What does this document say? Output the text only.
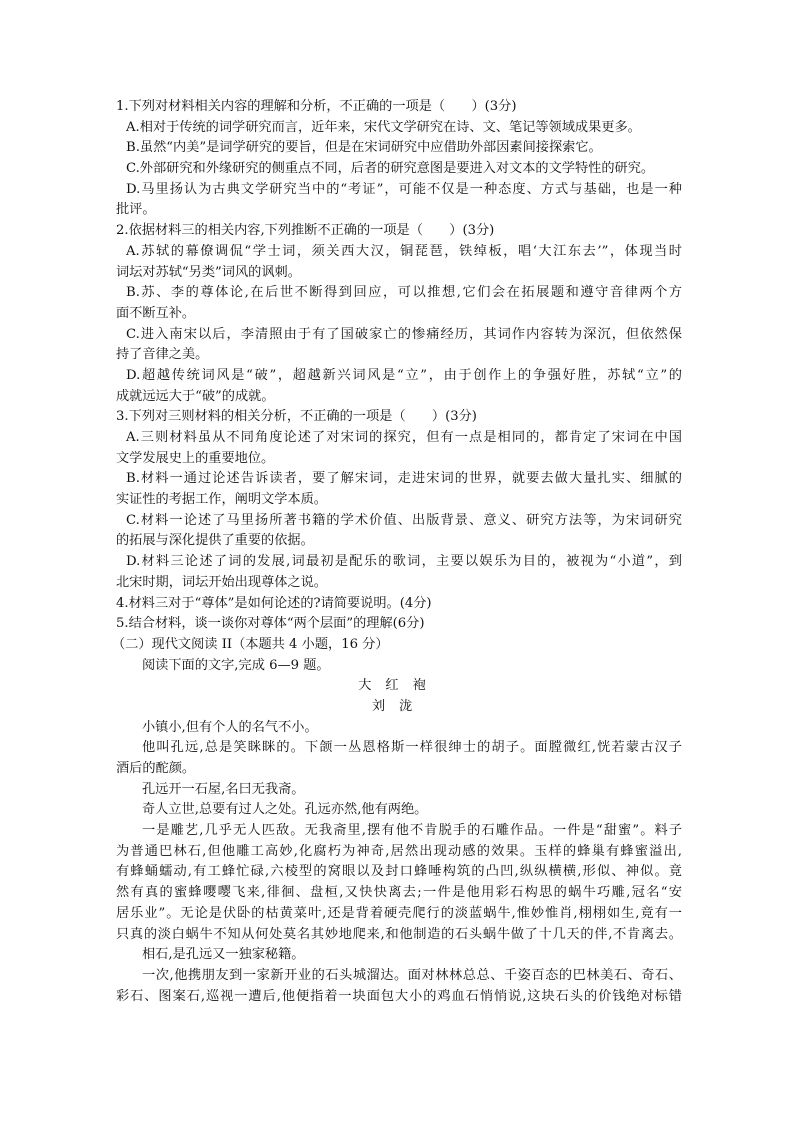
1.下列对材料相关内容的理解和分析，不正确的一项是（　　）(3分)
A.相对于传统的词学研究而言，近年来，宋代文学研究在诗、文、笔记等领域成果更多。
B.虽然“内美”是词学研究的要旨，但是在宋词研究中应借助外部因素间接探索它。
C.外部研究和外缘研究的侧重点不同，后者的研究意图是要进入对文本的文学特性的研究。
D.马里扬认为古典文学研究当中的“考证”，可能不仅是一种态度、方式与基础，也是一种
批评。
2.依据材料三的相关内容,下列推断不正确的一项是（　　）(3分)
A.苏轼的幕僚调侃“学士词，须关西大汉，铜琵琶，铁绰板，唱‘大江东去’”，体现当时
词坛对苏轼“另类”词风的讽刺。
B.苏、李的尊体论,在后世不断得到回应，可以推想,它们会在拓展题和遵守音律两个方
面不断互补。
C.进入南宋以后，李清照由于有了国破家亡的惨痛经历，其词作内容转为深沉，但依然保
持了音律之美。
D.超越传统词风是“破”，超越新兴词风是“立”，由于创作上的争强好胜，苏轼“立”的
成就远远大于“破”的成就。
3.下列对三则材料的相关分析，不正确的一项是（　　）(3分)
A.三则材料虽从不同角度论述了对宋词的探究，但有一点是相同的，都肯定了宋词在中国
文学发展史上的重要地位。
B.材料一通过论述告诉读者，要了解宋词，走进宋词的世界，就要去做大量扎实、细腻的
实证性的考据工作，阐明文学本质。
C.材料一论述了马里扬所著书籍的学术价值、出版背景、意义、研究方法等，为宋词研究
的拓展与深化提供了重要的依据。
D.材料三论述了词的发展,词最初是配乐的歌词，主要以娱乐为目的，被视为“小道”，到
北宋时期，词坛开始出现尊体之说。
4.材料三对于“尊体”是如何论述的?请简要说明。(4分)
5.结合材料，谈一谈你对尊体“两个层面”的理解(6分)
（二）现代文阅读 II（本题共 4 小题，16 分）
阅读下面的文字,完成 6—9 题。
大红袍
刘泷
小镇小,但有个人的名气不小。
他叫孔远,总是笑眯眯的。下颌一丛恩格斯一样很绅士的胡子。面膛微红,恍若蒙古汉子
酒后的酡颜。
孔远开一石屋,名曰无我斋。
奇人立世,总要有过人之处。孔远亦然,他有两绝。
一是雕艺,几乎无人匹敌。无我斋里,摆有他不肯脱手的石雕作品。一件是“甜蜜”。料子
为普通巴林石,但他雕工高妙,化腐朽为神奇,居然出现动感的效果。玉样的蜂巢有蜂蜜溢出,
有蜂蛹蠕动,有工蜂忙碌,六棱型的窝眼以及封口蜂唾构筑的凸凹,纵纵横横,形似、神似。竟
然有真的蜜蜂嘤嘤飞来,徘徊、盘桓,又快快离去;一件是他用彩石构思的蜗牛巧雕,冠名“安
居乐业”。无论是伏卧的枯黄菜叶,还是背着硬壳爬行的淡蓝蜗牛,惟妙惟肖,栩栩如生,竟有一
只真的淡白蜗牛不知从何处莫名其妙地爬来,和他制造的石头蜗牛做了十几天的伴,不肯离去。
相石,是孔远又一独家秘籍。
一次,他携朋友到一家新开业的石头城溜达。面对林林总总、千姿百态的巴林美石、奇石、
彩石、图案石,巡视一遭后,他便指着一块面包大小的鸡血石悄悄说,这块石头的价钱绝对标错
